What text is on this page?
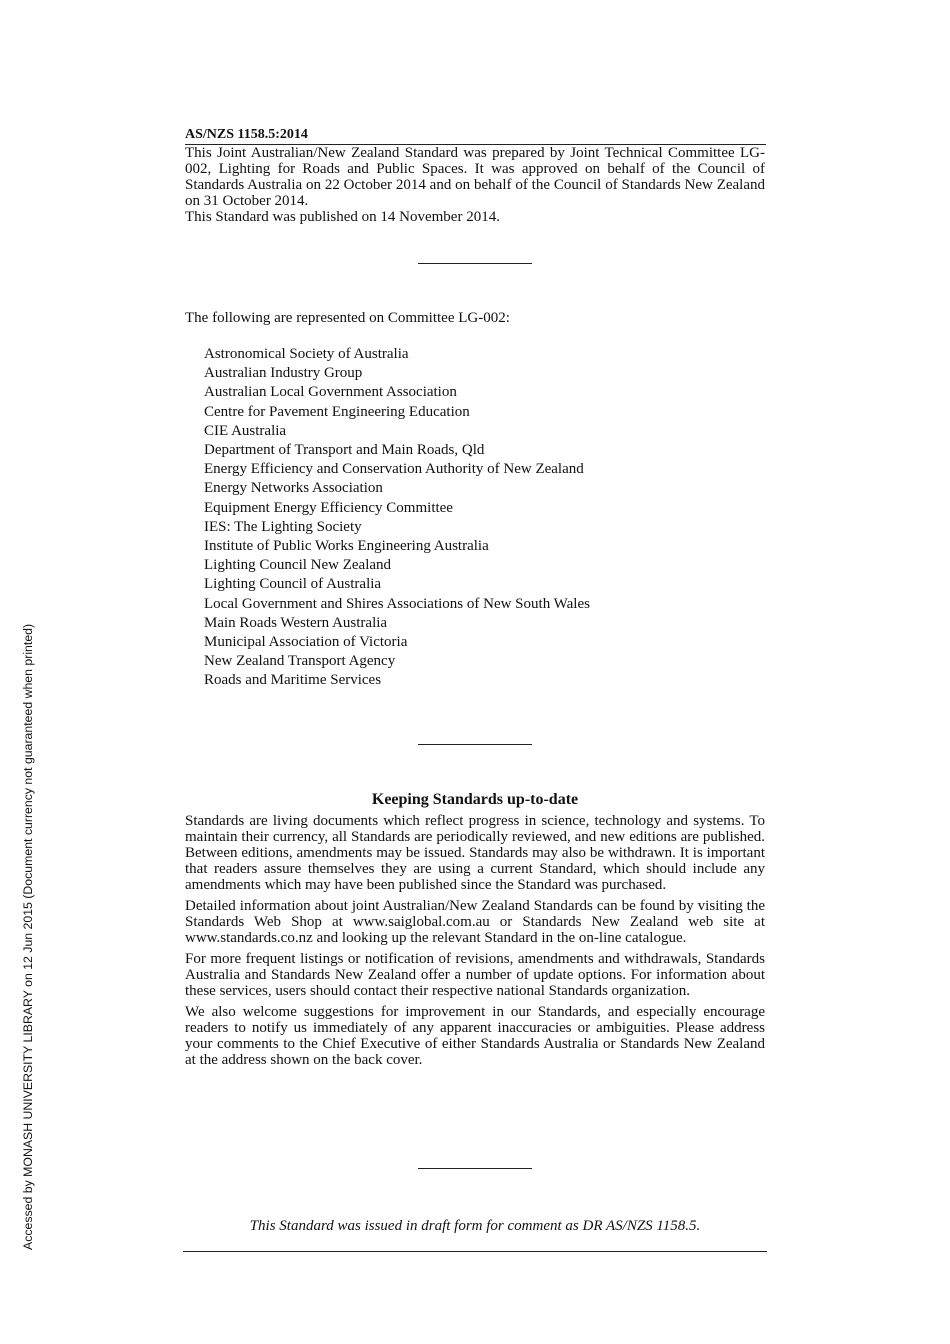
Accessed by MONASH UNIVERSITY LIBRARY on 12 Jun 2015 (Document currency not guaranteed when printed)
AS/NZS 1158.5:2014

This Joint Australian/New Zealand Standard was prepared by Joint Technical Committee LG-002, Lighting for Roads and Public Spaces. It was approved on behalf of the Council of Standards Australia on 22 October 2014 and on behalf of the Council of Standards New Zealand on 31 October 2014.

This Standard was published on 14 November 2014.

The following are represented on Committee LG-002:
Astronomical Society of Australia
Australian Industry Group
Australian Local Government Association
Centre for Pavement Engineering Education
CIE Australia
Department of Transport and Main Roads, Qld
Energy Efficiency and Conservation Authority of New Zealand
Energy Networks Association
Equipment Energy Efficiency Committee
IES: The Lighting Society
Institute of Public Works Engineering Australia
Lighting Council New Zealand
Lighting Council of Australia
Local Government and Shires Associations of New South Wales
Main Roads Western Australia
Municipal Association of Victoria
New Zealand Transport Agency
Roads and Maritime Services
Keeping Standards up-to-date

Standards are living documents which reflect progress in science, technology and systems. To maintain their currency, all Standards are periodically reviewed, and new editions are published. Between editions, amendments may be issued. Standards may also be withdrawn. It is important that readers assure themselves they are using a current Standard, which should include any amendments which may have been published since the Standard was purchased.

Detailed information about joint Australian/New Zealand Standards can be found by visiting the Standards Web Shop at www.saiglobal.com.au or Standards New Zealand web site at www.standards.co.nz and looking up the relevant Standard in the on-line catalogue.

For more frequent listings or notification of revisions, amendments and withdrawals, Standards Australia and Standards New Zealand offer a number of update options. For information about these services, users should contact their respective national Standards organization.

We also welcome suggestions for improvement in our Standards, and especially encourage readers to notify us immediately of any apparent inaccuracies or ambiguities. Please address your comments to the Chief Executive of either Standards Australia or Standards New Zealand at the address shown on the back cover.

This Standard was issued in draft form for comment as DR AS/NZS 1158.5.
